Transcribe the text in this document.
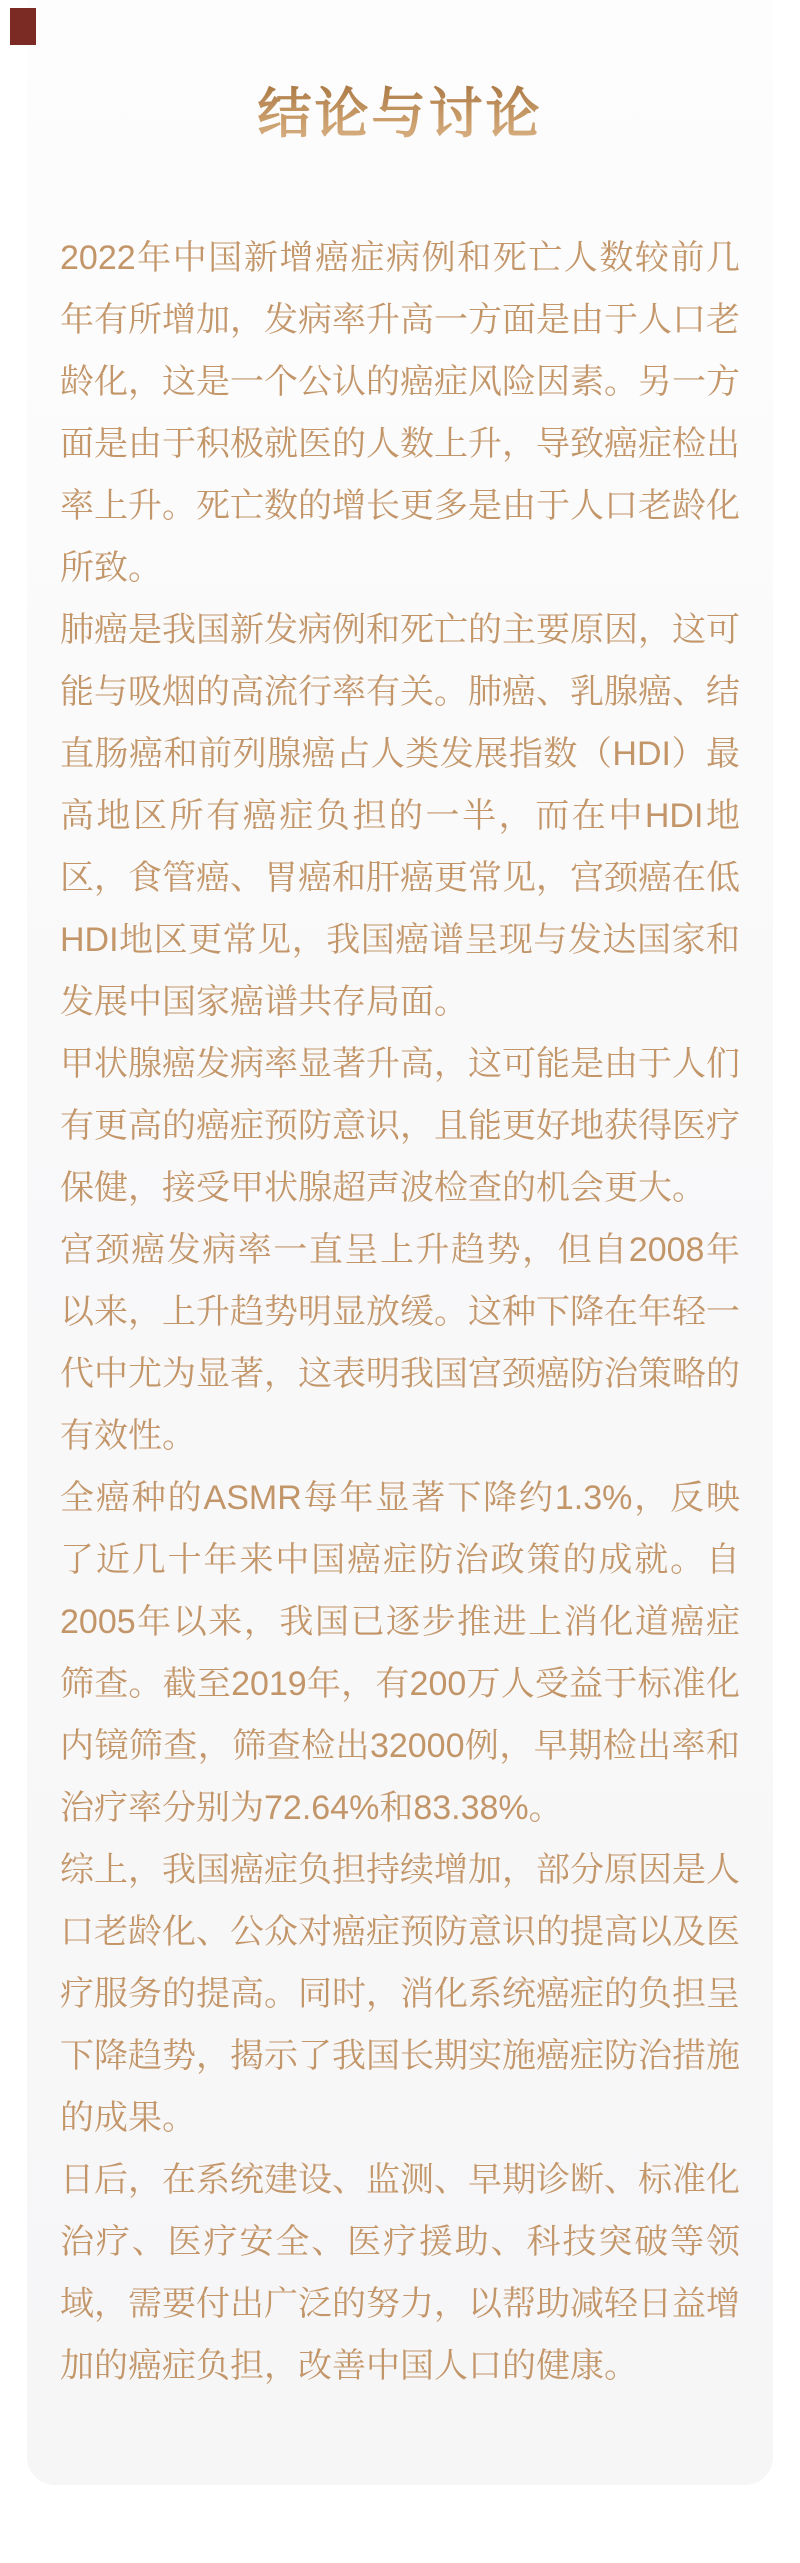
结论与讨论

2022年中国新增癌症病例和死亡人数较前几年有所增加，发病率升高一方面是由于人口老龄化，这是一个公认的癌症风险因素。另一方面是由于积极就医的人数上升，导致癌症检出率上升。死亡数的增长更多是由于人口老龄化所致。

肺癌是我国新发病例和死亡的主要原因，这可能与吸烟的高流行率有关。肺癌、乳腺癌、结直肠癌和前列腺癌占人类发展指数（HDI）最高地区所有癌症负担的一半，而在中HDI地区，食管癌、胃癌和肝癌更常见，宫颈癌在低HDI地区更常见，我国癌谱呈现与发达国家和发展中国家癌谱共存局面。

甲状腺癌发病率显著升高，这可能是由于人们有更高的癌症预防意识，且能更好地获得医疗保健，接受甲状腺超声波检查的机会更大。

宫颈癌发病率一直呈上升趋势，但自2008年以来，上升趋势明显放缓。这种下降在年轻一代中尤为显著，这表明我国宫颈癌防治策略的有效性。

全癌种的ASMR每年显著下降约1.3%，反映了近几十年来中国癌症防治政策的成就。自2005年以来，我国已逐步推进上消化道癌症筛查。截至2019年，有200万人受益于标准化内镜筛查，筛查检出32000例，早期检出率和治疗率分别为72.64%和83.38%。

综上，我国癌症负担持续增加，部分原因是人口老龄化、公众对癌症预防意识的提高以及医疗服务的提高。同时，消化系统癌症的负担呈下降趋势，揭示了我国长期实施癌症防治措施的成果。

日后，在系统建设、监测、早期诊断、标准化治疗、医疗安全、医疗援助、科技突破等领域，需要付出广泛的努力，以帮助减轻日益增加的癌症负担，改善中国人口的健康。
